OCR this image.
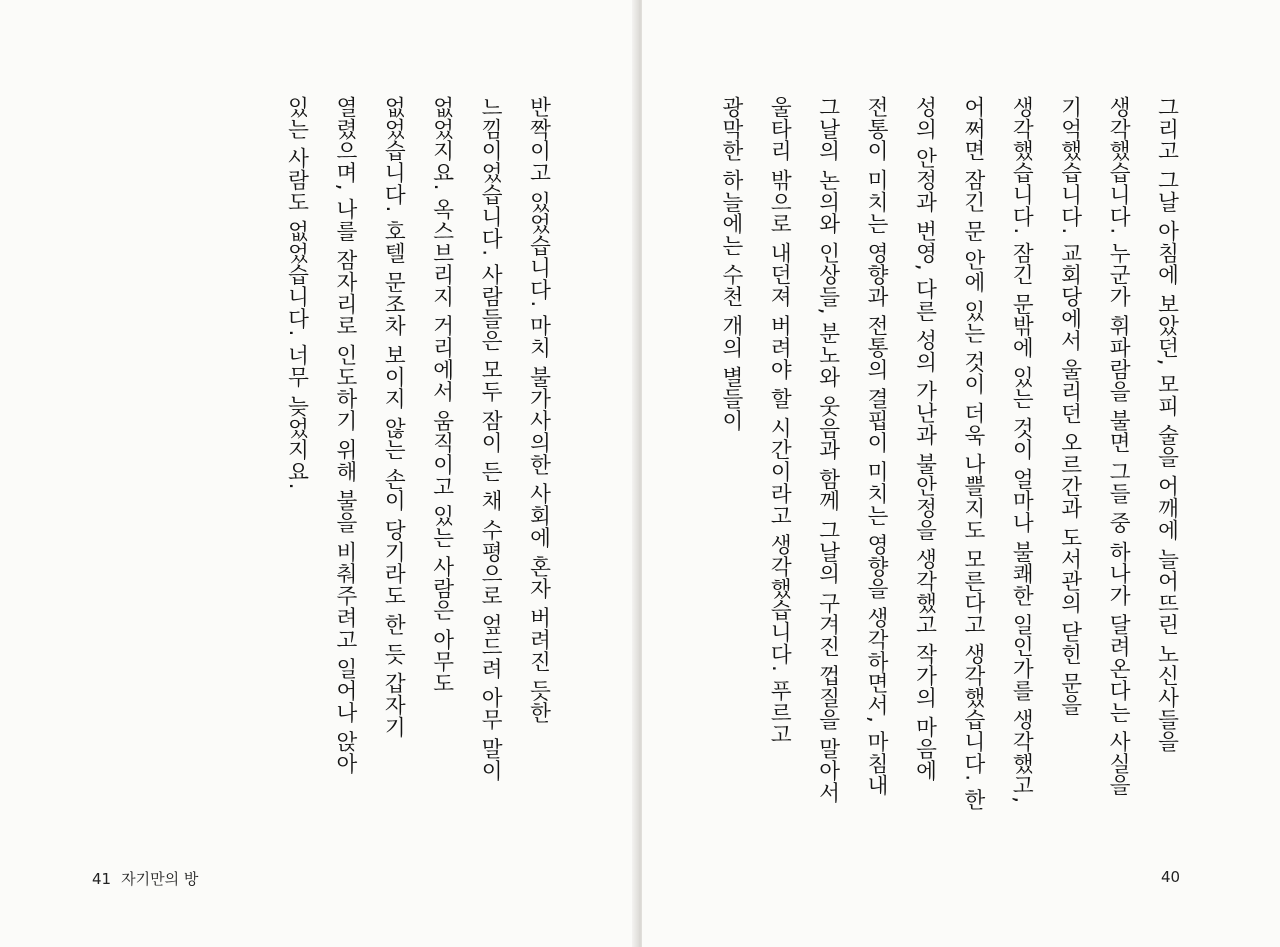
반짝이고 있었습니다. 마치 불가사의한 사회에 혼자 버려진 듯한 느낌이었습니다. 사람들은 모두 잠이 든 채 수평으로 엎드려 아무 말이 없었지요. 옥스브리지 거리에서 움직이고 있는 사람은 아무도 없었습니다. 호텔 문조차 보이지 않는 손이 당기라도 한 듯 갑자기 열렸으며, 나를 잠자리로 인도하기 위해 불을 비춰주려고 일어나 앉아 있는 사람도 없었습니다. 너무 늦었지요.
41 자기만의 방
그리고 그날 아침에 보았던, 모피 술을 어깨에 늘어뜨린 노신사들을 생각했습니다. 누군가 휘파람을 불면 그들 중 하나가 달려온다는 사실을 기억했습니다. 교회당에서 울리던 오르간과 도서관의 닫힌 문을 생각했습니다. 잠긴 문밖에 있는 것이 얼마나 불쾌한 일인가를 생각했고, 어쩌면 잠긴 문 안에 있는 것이 더욱 나쁠지도 모른다고 생각했습니다. 한 성의 안정과 번영, 다른 성의 가난과 불안정을 생각했고 작가의 마음에 전통이 미치는 영향과 전통의 결핍이 미치는 영향을 생각하면서, 마침내 그날의 논의와 인상들, 분노와 웃음과 함께 그날의 구겨진 껍질을 말아서 울타리 밖으로 내던져 버려야 할 시간이라고 생각했습니다. 푸르고 광막한 하늘에는 수천 개의 별들이
40
